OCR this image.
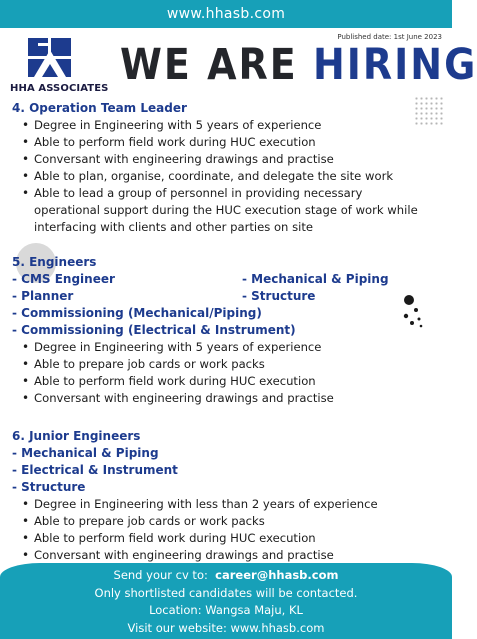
www.hhasb.com
Published date: 1st June 2023
HHA ASSOCIATES WE ARE HIRING
4. Operation Team Leader
• Degree in Engineering with 5 years of experience
• Able to perform field work during HUC execution
• Conversant with engineering drawings and practise
• Able to plan, organise, coordinate, and delegate the site work
• Able to lead a group of personnel in providing necessary operational support during the HUC execution stage of work while interfacing with clients and other parties on site
5. Engineers
- CMS Engineer	- Mechanical & Piping
- Planner	- Structure
- Commissioning (Mechanical/Piping)
- Commissioning (Electrical & Instrument)
• Degree in Engineering with 5 years of experience
• Able to prepare job cards or work packs
• Able to perform field work during HUC execution
• Conversant with engineering drawings and practise
6. Junior Engineers
- Mechanical & Piping
- Electrical & Instrument
- Structure
• Degree in Engineering with less than 2 years of experience
• Able to prepare job cards or work packs
• Able to perform field work during HUC execution
• Conversant with engineering drawings and practise
Send your cv to: career@hhasb.com
Only shortlisted candidates will be contacted.
Location: Wangsa Maju, KL
Visit our website: www.hhasb.com
